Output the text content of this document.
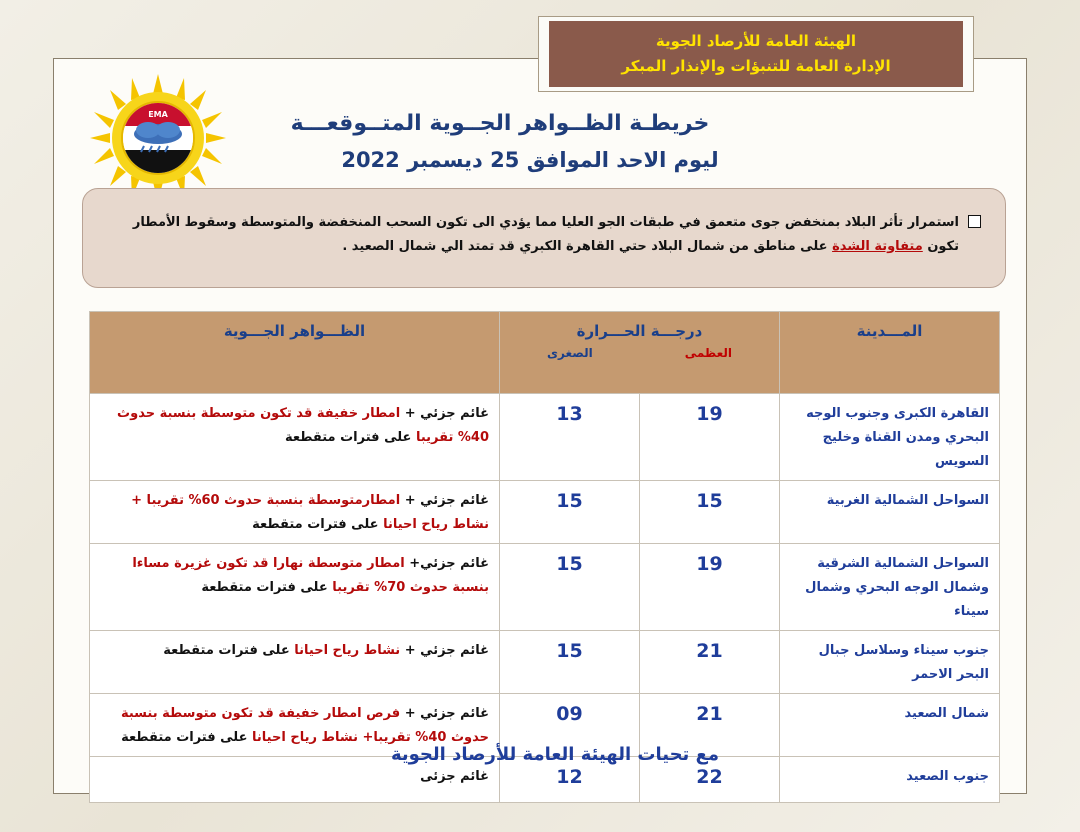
الهيئة العامة للأرصاد الجوية
الإدارة العامة للتنبؤات والإنذار المبكر
EMA	خريطـة الظــواهر الجــوية المتــوقعـــة
ليوم الاحد الموافق 25 ديسمبر 2022

استمرار تأثر البلاد بمنخفض جوى متعمق في طبقات الجو العليا مما يؤدي الى تكون السحب المنخفضة والمتوسطة وسقوط الأمطار تكون متفاوتة الشدة على مناطق من شمال البلاد حتي القاهرة الكبري قد تمتد الي شمال الصعيد .

المـــدينة	درجـــة الحـــرارة
العظمى
الصغرى		الظـــواهر الجـــوية
القاهرة الكبرى وجنوب الوجه البحري ومدن القناة وخليج السويس	19	13	غائم جزئي + امطار خفيفة قد تكون متوسطة بنسبة حدوث 40% تقريبا على فترات متقطعة
السواحل الشمالية الغربية	15	15	غائم جزئي + امطارمتوسطة بنسبة حدوث 60% تقريبا + نشاط رياح احيانا على فترات متقطعة
السواحل الشمالية الشرقية وشمال الوجه البحري وشمال سيناء	19	15	غائم جزئي+ امطار متوسطة نهارا قد تكون غزيرة مساءا بنسبة حدوث 70% تقريبا على فترات متقطعة
جنوب سيناء وسلاسل جبال البحر الاحمر	21	15	غائم جزئي + نشاط رياح احيانا على فترات متقطعة
شمال الصعيد	21	09	غائم جزئي + فرص امطار خفيفة قد تكون متوسطة بنسبة حدوث 40% تقريبا+ نشاط رياح احيانا على فترات متقطعة
جنوب الصعيد	22	12	غائم جزئى
مع تحيات الهيئة العامة للأرصاد الجوية
